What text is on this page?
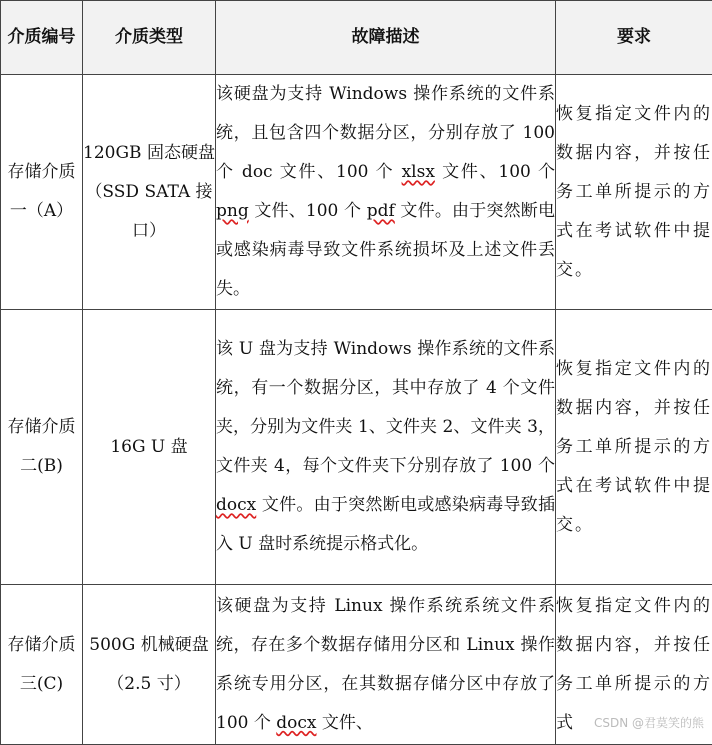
介质编号	介质类型	故障描述	要求
存储介质一（A）	120GB 固态硬盘（SSD SATA 接口）	该硬盘为支持 Windows 操作系统的文件系统，且包含四个数据分区，分别存放了 100 个 doc 文件、100 个 xlsx 文件、100 个 png 文件、100 个 pdf 文件。由于突然断电或感染病毒导致文件系统损坏及上述文件丢失。	恢复指定文件内的数据内容，并按任务工单所提示的方式在考试软件中提交。
存储介质二(B)	16G U 盘	该 U 盘为支持 Windows 操作系统的文件系统，有一个数据分区，其中存放了 4 个文件夹，分别为文件夹 1、文件夹 2、文件夹 3，文件夹 4，每个文件夹下分别存放了 100 个 docx 文件。由于突然断电或感染病毒导致插入 U 盘时系统提示格式化。	恢复指定文件内的数据内容，并按任务工单所提示的方式在考试软件中提交。
存储介质三(C)	500G 机械硬盘（2.5 寸）	该硬盘为支持 Linux 操作系统系统文件系统，存在多个数据存储用分区和 Linux 操作系统专用分区，在其数据存储分区中存放了 100 个 docx 文件、	恢复指定文件内的数据内容，并按任务工单所提示的方式 CSDN @君莫笑的熊
